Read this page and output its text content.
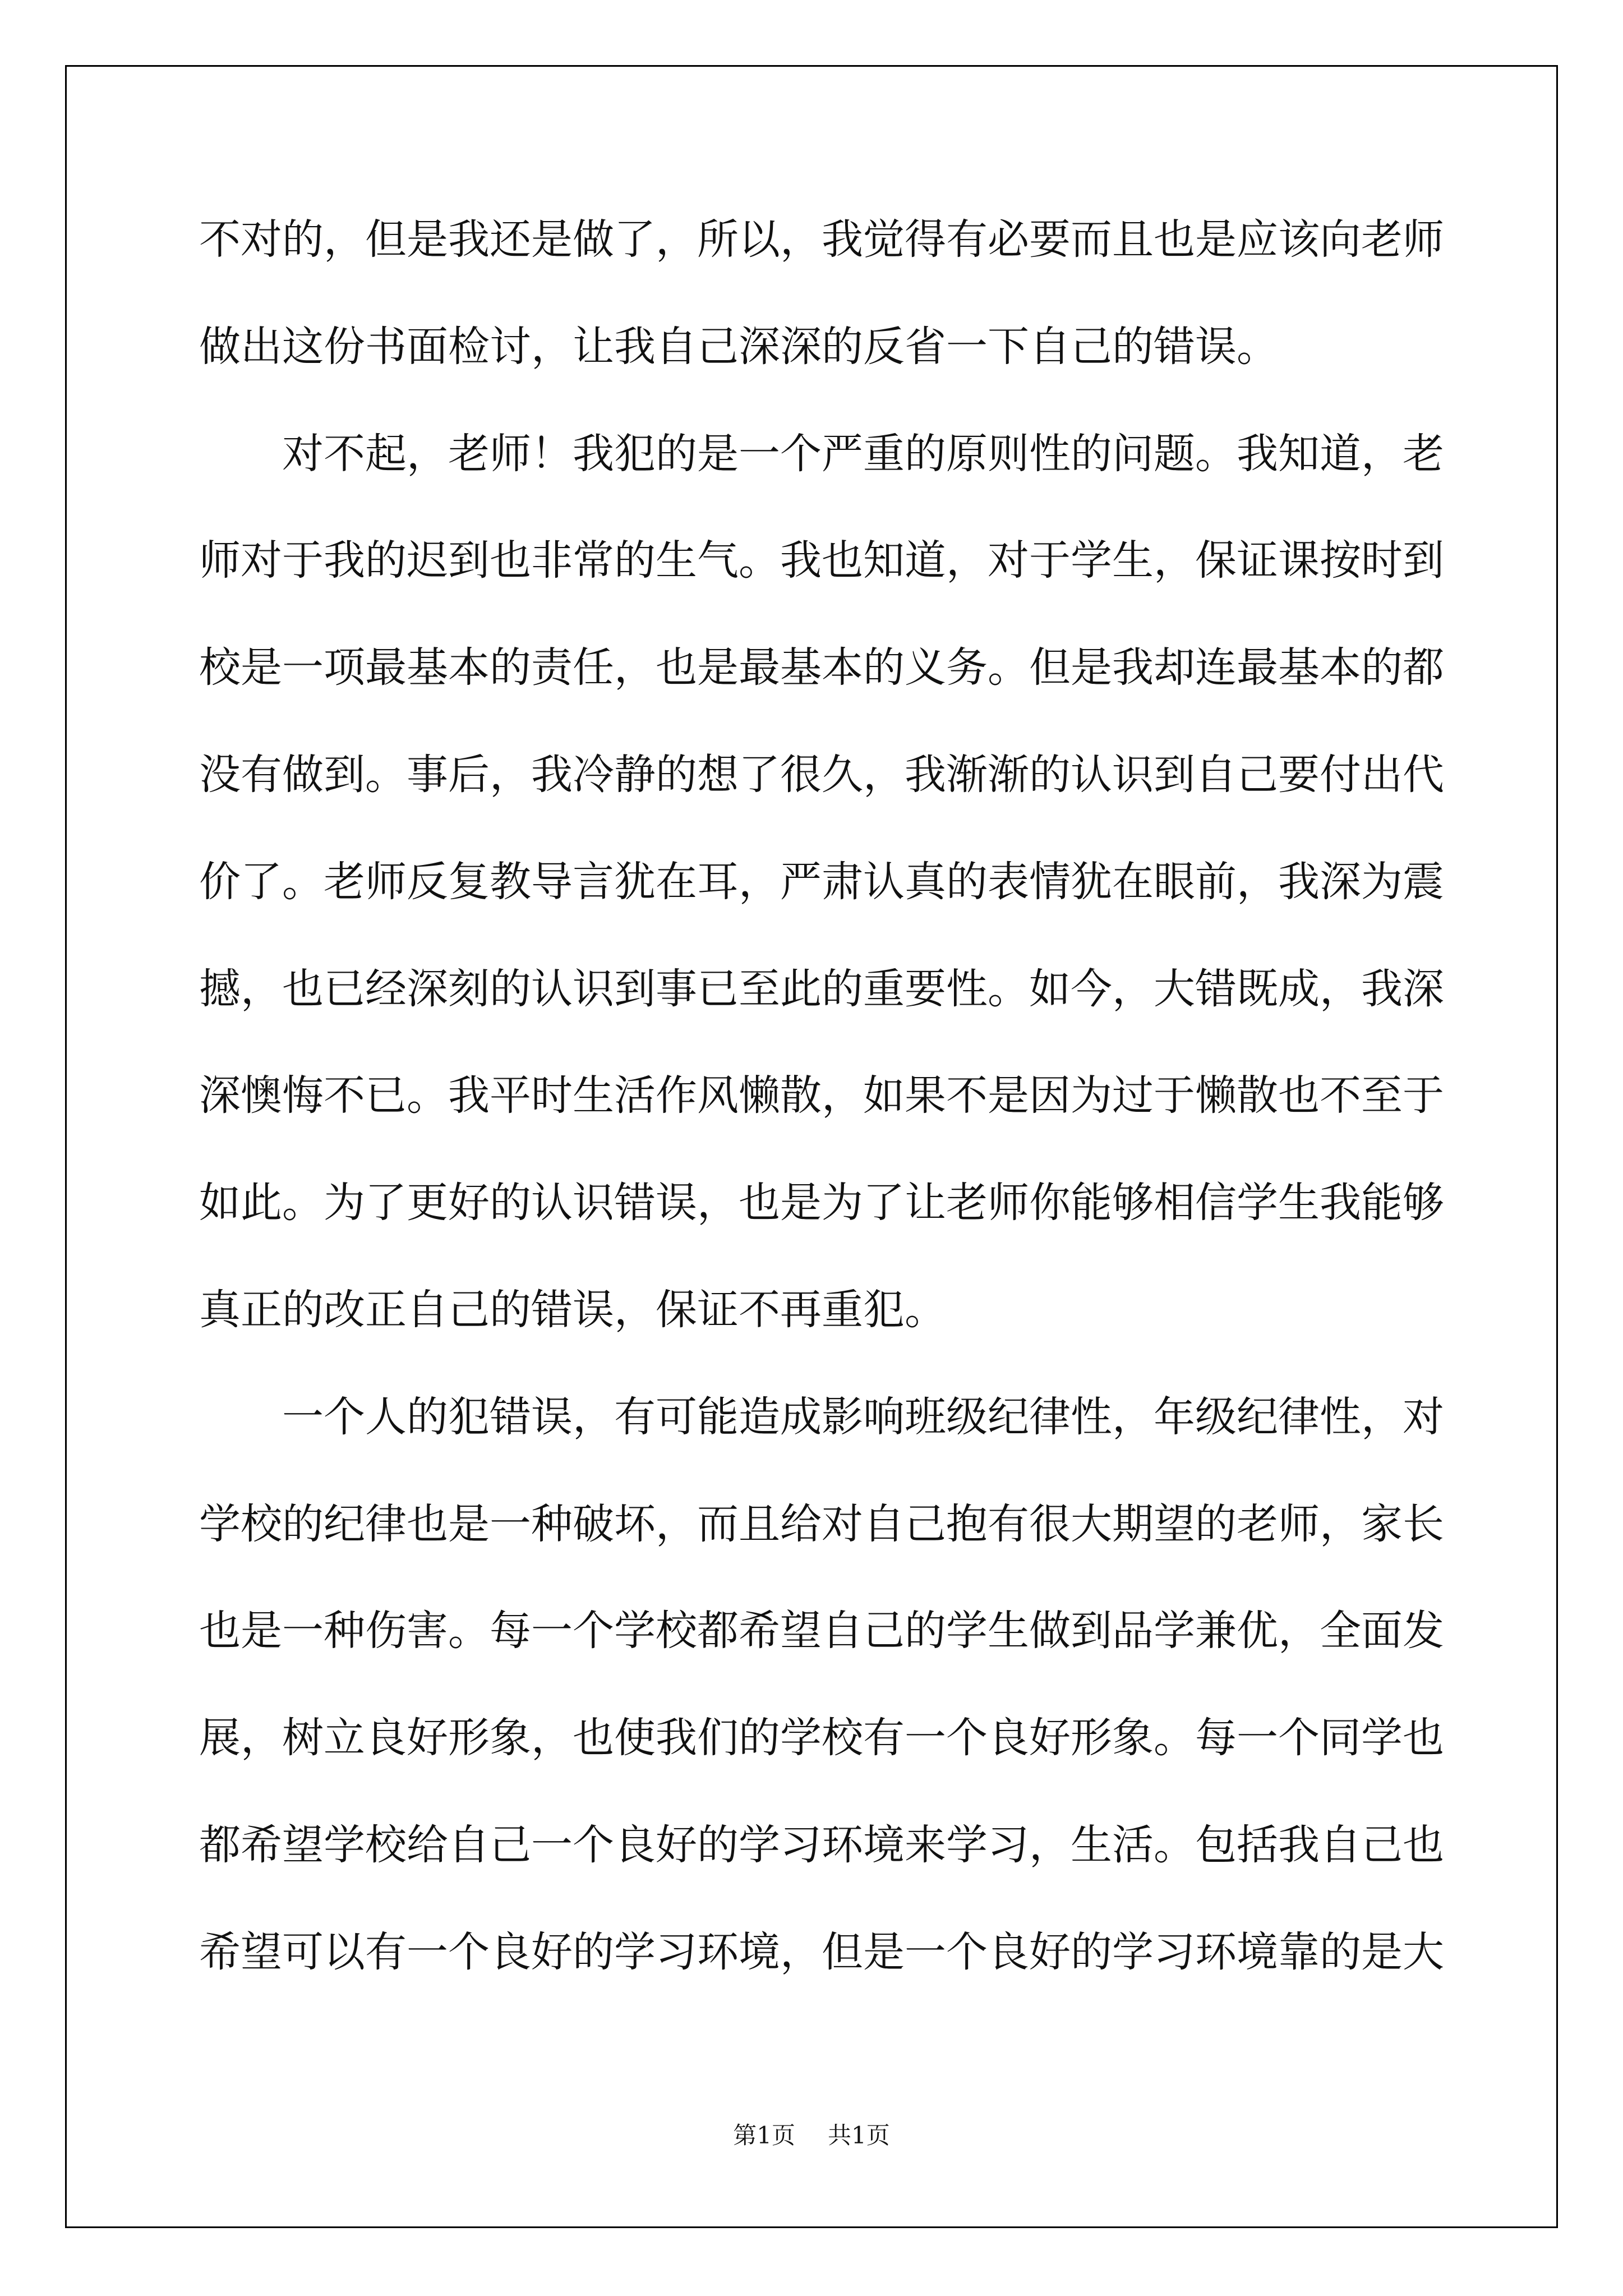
不对的，但是我还是做了，所以，我觉得有必要而且也是应该向老师
做出这份书面检讨，让我自己深深的反省一下自己的错误。
对不起，老师！我犯的是一个严重的原则性的问题。我知道，老
师对于我的迟到也非常的生气。我也知道，对于学生，保证课按时到
校是一项最基本的责任，也是最基本的义务。但是我却连最基本的都
没有做到。事后，我冷静的想了很久，我渐渐的认识到自己要付出代
价了。老师反复教导言犹在耳，严肃认真的表情犹在眼前，我深为震
撼，也已经深刻的认识到事已至此的重要性。如今，大错既成，我深
深懊悔不已。我平时生活作风懒散，如果不是因为过于懒散也不至于
如此。为了更好的认识错误，也是为了让老师你能够相信学生我能够
真正的改正自己的错误，保证不再重犯。
一个人的犯错误，有可能造成影响班级纪律性，年级纪律性，对
学校的纪律也是一种破坏，而且给对自己抱有很大期望的老师，家长
也是一种伤害。每一个学校都希望自己的学生做到品学兼优，全面发
展，树立良好形象，也使我们的学校有一个良好形象。每一个同学也
都希望学校给自己一个良好的学习环境来学习，生活。包括我自己也
希望可以有一个良好的学习环境，但是一个良好的学习环境靠的是大
第1页 共1页
